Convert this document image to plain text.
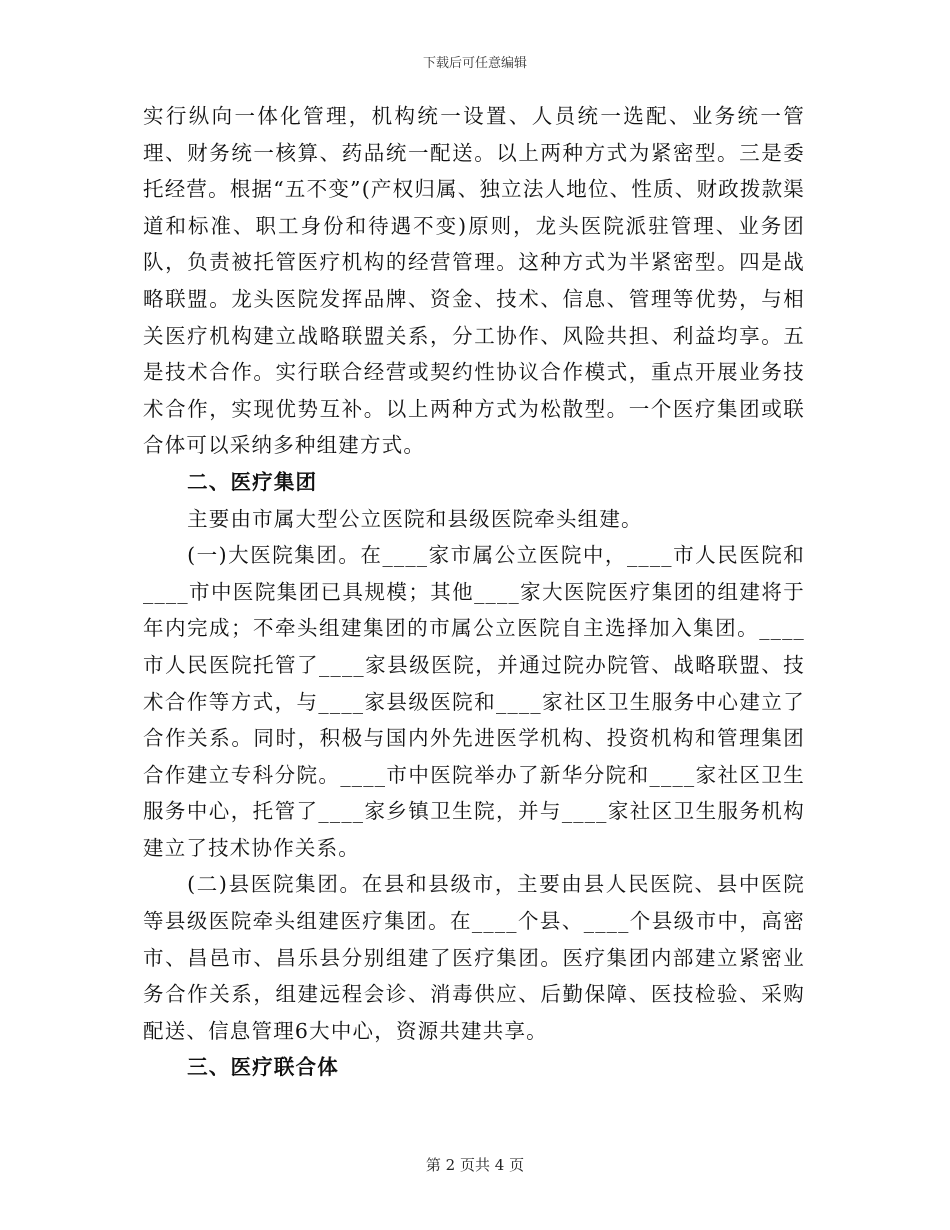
下载后可任意编辑

实行纵向一体化管理，机构统一设置、人员统一选配、业务统一管理、财务统一核算、药品统一配送。以上两种方式为紧密型。三是委托经营。根据“五不变”(产权归属、独立法人地位、性质、财政拨款渠道和标准、职工身份和待遇不变)原则，龙头医院派驻管理、业务团队，负责被托管医疗机构的经营管理。这种方式为半紧密型。四是战略联盟。龙头医院发挥品牌、资金、技术、信息、管理等优势，与相关医疗机构建立战略联盟关系，分工协作、风险共担、利益均享。五是技术合作。实行联合经营或契约性协议合作模式，重点开展业务技术合作，实现优势互补。以上两种方式为松散型。一个医疗集团或联合体可以采纳多种组建方式。

二、医疗集团

主要由市属大型公立医院和县级医院牵头组建。

(一)大医院集团。在____家市属公立医院中，____市人民医院和____市中医院集团已具规模；其他____家大医院医疗集团的组建将于年内完成；不牵头组建集团的市属公立医院自主选择加入集团。____市人民医院托管了____家县级医院，并通过院办院管、战略联盟、技术合作等方式，与____家县级医院和____家社区卫生服务中心建立了合作关系。同时，积极与国内外先进医学机构、投资机构和管理集团合作建立专科分院。____市中医院举办了新华分院和____家社区卫生服务中心，托管了____家乡镇卫生院，并与____家社区卫生服务机构建立了技术协作关系。

(二)县医院集团。在县和县级市，主要由县人民医院、县中医院等县级医院牵头组建医疗集团。在____个县、____个县级市中，高密市、昌邑市、昌乐县分别组建了医疗集团。医疗集团内部建立紧密业务合作关系，组建远程会诊、消毒供应、后勤保障、医技检验、采购配送、信息管理6大中心，资源共建共享。

三、医疗联合体
第 2 页共 4 页
